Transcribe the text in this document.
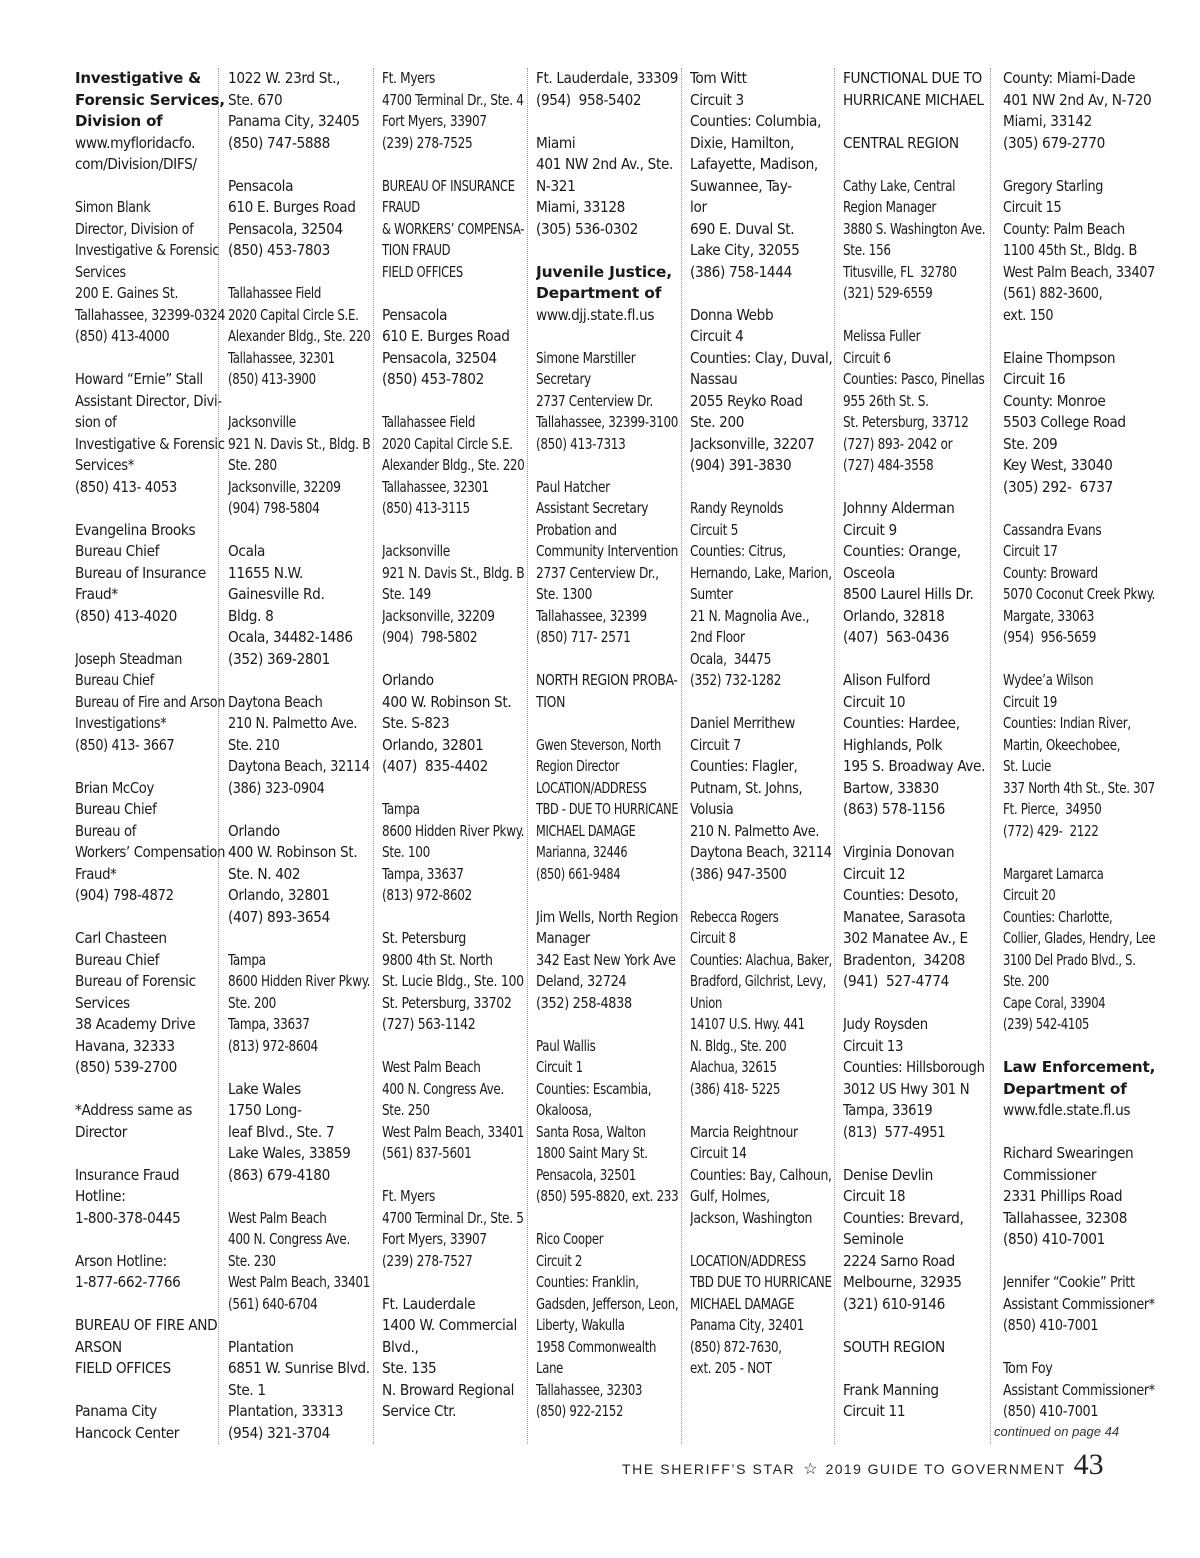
Investigative &
Forensic Services,
Division of
www.myfloridacfo.
com/Division/DIFS/
Simon Blank
Director, Division of
Investigative & Forensic
Services
200 E. Gaines St.
Tallahassee, 32399-0324
(850) 413-4000
Howard “Ernie” Stall
Assistant Director, Divi-
sion of
Investigative & Forensic
Services*
(850) 413- 4053
Evangelina Brooks
Bureau Chief
Bureau of Insurance
Fraud*
(850) 413-4020
Joseph Steadman
Bureau Chief
Bureau of Fire and Arson
Investigations*
(850) 413- 3667
Brian McCoy
Bureau Chief
Bureau of
Workers’ Compensation
Fraud*
(904) 798-4872
Carl Chasteen
Bureau Chief
Bureau of Forensic
Services
38 Academy Drive
Havana, 32333
(850) 539-2700
*Address same as
Director
Insurance Fraud
Hotline:
1-800-378-0445
Arson Hotline:
1-877-662-7766
BUREAU OF FIRE AND
ARSON
FIELD OFFICES
Panama City
Hancock Center
1022 W. 23rd St.,
Ste. 670
Panama City, 32405
(850) 747-5888
Pensacola
610 E. Burges Road
Pensacola, 32504
(850) 453-7803
Tallahassee Field
2020 Capital Circle S.E.
Alexander Bldg., Ste. 220
Tallahassee, 32301
(850) 413-3900
Jacksonville
921 N. Davis St., Bldg. B
Ste. 280
Jacksonville, 32209
(904) 798-5804
Ocala
11655 N.W.
Gainesville Rd.
Bldg. 8
Ocala, 34482-1486
(352) 369-2801
Daytona Beach
210 N. Palmetto Ave.
Ste. 210
Daytona Beach, 32114
(386) 323-0904
Orlando
400 W. Robinson St.
Ste. N. 402
Orlando, 32801
(407) 893-3654
Tampa
8600 Hidden River Pkwy.
Ste. 200
Tampa, 33637
(813) 972-8604
Lake Wales
1750 Long-
leaf Blvd., Ste. 7
Lake Wales, 33859
(863) 679-4180
West Palm Beach
400 N. Congress Ave.
Ste. 230
West Palm Beach, 33401
(561) 640-6704
Plantation
6851 W. Sunrise Blvd.
Ste. 1
Plantation, 33313
(954) 321-3704
Ft. Myers
4700 Terminal Dr., Ste. 4
Fort Myers, 33907
(239) 278-7525
BUREAU OF INSURANCE
FRAUD
& WORKERS’ COMPENSA-
TION FRAUD
FIELD OFFICES
Pensacola
610 E. Burges Road
Pensacola, 32504
(850) 453-7802
Tallahassee Field
2020 Capital Circle S.E.
Alexander Bldg., Ste. 220
Tallahassee, 32301
(850) 413-3115
Jacksonville
921 N. Davis St., Bldg. B
Ste. 149
Jacksonville, 32209
(904)  798-5802
Orlando
400 W. Robinson St.
Ste. S-823
Orlando, 32801
(407)  835-4402
Tampa
8600 Hidden River Pkwy.
Ste. 100
Tampa, 33637
(813) 972-8602
St. Petersburg
9800 4th St. North
St. Lucie Bldg., Ste. 100
St. Petersburg, 33702
(727) 563-1142
West Palm Beach
400 N. Congress Ave.
Ste. 250
West Palm Beach, 33401
(561) 837-5601
Ft. Myers
4700 Terminal Dr., Ste. 5
Fort Myers, 33907
(239) 278-7527
Ft. Lauderdale
1400 W. Commercial
Blvd.,
Ste. 135
N. Broward Regional
Service Ctr.
Ft. Lauderdale, 33309
(954)  958-5402
Miami
401 NW 2nd Av., Ste.
N-321
Miami, 33128
(305) 536-0302
Juvenile Justice,
Department of
www.djj.state.fl.us
Simone Marstiller
Secretary
2737 Centerview Dr.
Tallahassee, 32399-3100
(850) 413-7313
Paul Hatcher
Assistant Secretary
Probation and
Community Intervention
2737 Centerview Dr.,
Ste. 1300
Tallahassee, 32399
(850) 717- 2571
NORTH REGION PROBA-
TION
Gwen Steverson, North
Region Director
LOCATION/ADDRESS
TBD - DUE TO HURRICANE
MICHAEL DAMAGE
Marianna, 32446
(850) 661-9484
Jim Wells, North Region
Manager
342 East New York Ave
Deland, 32724
(352) 258-4838
Paul Wallis
Circuit 1
Counties: Escambia,
Okaloosa,
Santa Rosa, Walton
1800 Saint Mary St.
Pensacola, 32501
(850) 595-8820, ext. 233
Rico Cooper
Circuit 2
Counties: Franklin,
Gadsden, Jefferson, Leon,
Liberty, Wakulla
1958 Commonwealth
Lane
Tallahassee, 32303
(850) 922-2152
Tom Witt
Circuit 3
Counties: Columbia,
Dixie, Hamilton,
Lafayette, Madison,
Suwannee, Tay-
lor
690 E. Duval St.
Lake City, 32055
(386) 758-1444
Donna Webb
Circuit 4
Counties: Clay, Duval,
Nassau
2055 Reyko Road
Ste. 200
Jacksonville, 32207
(904) 391-3830
Randy Reynolds
Circuit 5
Counties: Citrus,
Hernando, Lake, Marion,
Sumter
21 N. Magnolia Ave.,
2nd Floor
Ocala,  34475
(352) 732-1282
Daniel Merrithew
Circuit 7
Counties: Flagler,
Putnam, St. Johns,
Volusia
210 N. Palmetto Ave.
Daytona Beach, 32114
(386) 947-3500
Rebecca Rogers
Circuit 8
Counties: Alachua, Baker,
Bradford, Gilchrist, Levy,
Union
14107 U.S. Hwy. 441
N. Bldg., Ste. 200
Alachua, 32615
(386) 418- 5225
Marcia Reightnour
Circuit 14
Counties: Bay, Calhoun,
Gulf, Holmes,
Jackson, Washington
LOCATION/ADDRESS
TBD DUE TO HURRICANE
MICHAEL DAMAGE
Panama City, 32401
(850) 872-7630,
ext. 205 - NOT
FUNCTIONAL DUE TO
HURRICANE MICHAEL
CENTRAL REGION
Cathy Lake, Central
Region Manager
3880 S. Washington Ave.
Ste. 156
Titusville, FL  32780
(321) 529-6559
Melissa Fuller
Circuit 6
Counties: Pasco, Pinellas
955 26th St. S.
St. Petersburg, 33712
(727) 893- 2042 or
(727) 484-3558
Johnny Alderman
Circuit 9
Counties: Orange,
Osceola
8500 Laurel Hills Dr.
Orlando, 32818
(407)  563-0436
Alison Fulford
Circuit 10
Counties: Hardee,
Highlands, Polk
195 S. Broadway Ave.
Bartow, 33830
(863) 578-1156
Virginia Donovan
Circuit 12
Counties: Desoto,
Manatee, Sarasota
302 Manatee Av., E
Bradenton,  34208
(941)  527-4774
Judy Roysden
Circuit 13
Counties: Hillsborough
3012 US Hwy 301 N
Tampa, 33619
(813)  577-4951
Denise Devlin
Circuit 18
Counties: Brevard,
Seminole
2224 Sarno Road
Melbourne, 32935
(321) 610-9146
SOUTH REGION
Frank Manning
Circuit 11
County: Miami-Dade
401 NW 2nd Av, N-720
Miami, 33142
(305) 679-2770
Gregory Starling
Circuit 15
County: Palm Beach
1100 45th St., Bldg. B
West Palm Beach, 33407
(561) 882-3600,
ext. 150
Elaine Thompson
Circuit 16
County: Monroe
5503 College Road
Ste. 209
Key West, 33040
(305) 292-  6737
Cassandra Evans
Circuit 17
County: Broward
5070 Coconut Creek Pkwy.
Margate, 33063
(954)  956-5659
Wydee’a Wilson
Circuit 19
Counties: Indian River,
Martin, Okeechobee,
St. Lucie
337 North 4th St., Ste. 307
Ft. Pierce,  34950
(772) 429-  2122
Margaret Lamarca
Circuit 20
Counties: Charlotte,
Collier, Glades, Hendry, Lee
3100 Del Prado Blvd., S.
Ste. 200
Cape Coral, 33904
(239) 542-4105
Law Enforcement,
Department of
www.fdle.state.fl.us
Richard Swearingen
Commissioner
2331 Phillips Road
Tallahassee, 32308
(850) 410-7001
Jennifer “Cookie” Pritt
Assistant Commissioner*
(850) 410-7001
Tom Foy
Assistant Commissioner*
(850) 410-7001
continued on page 44
THE SHERIFF’S STAR ☆ 2019 GUIDE TO GOVERNMENT 43
